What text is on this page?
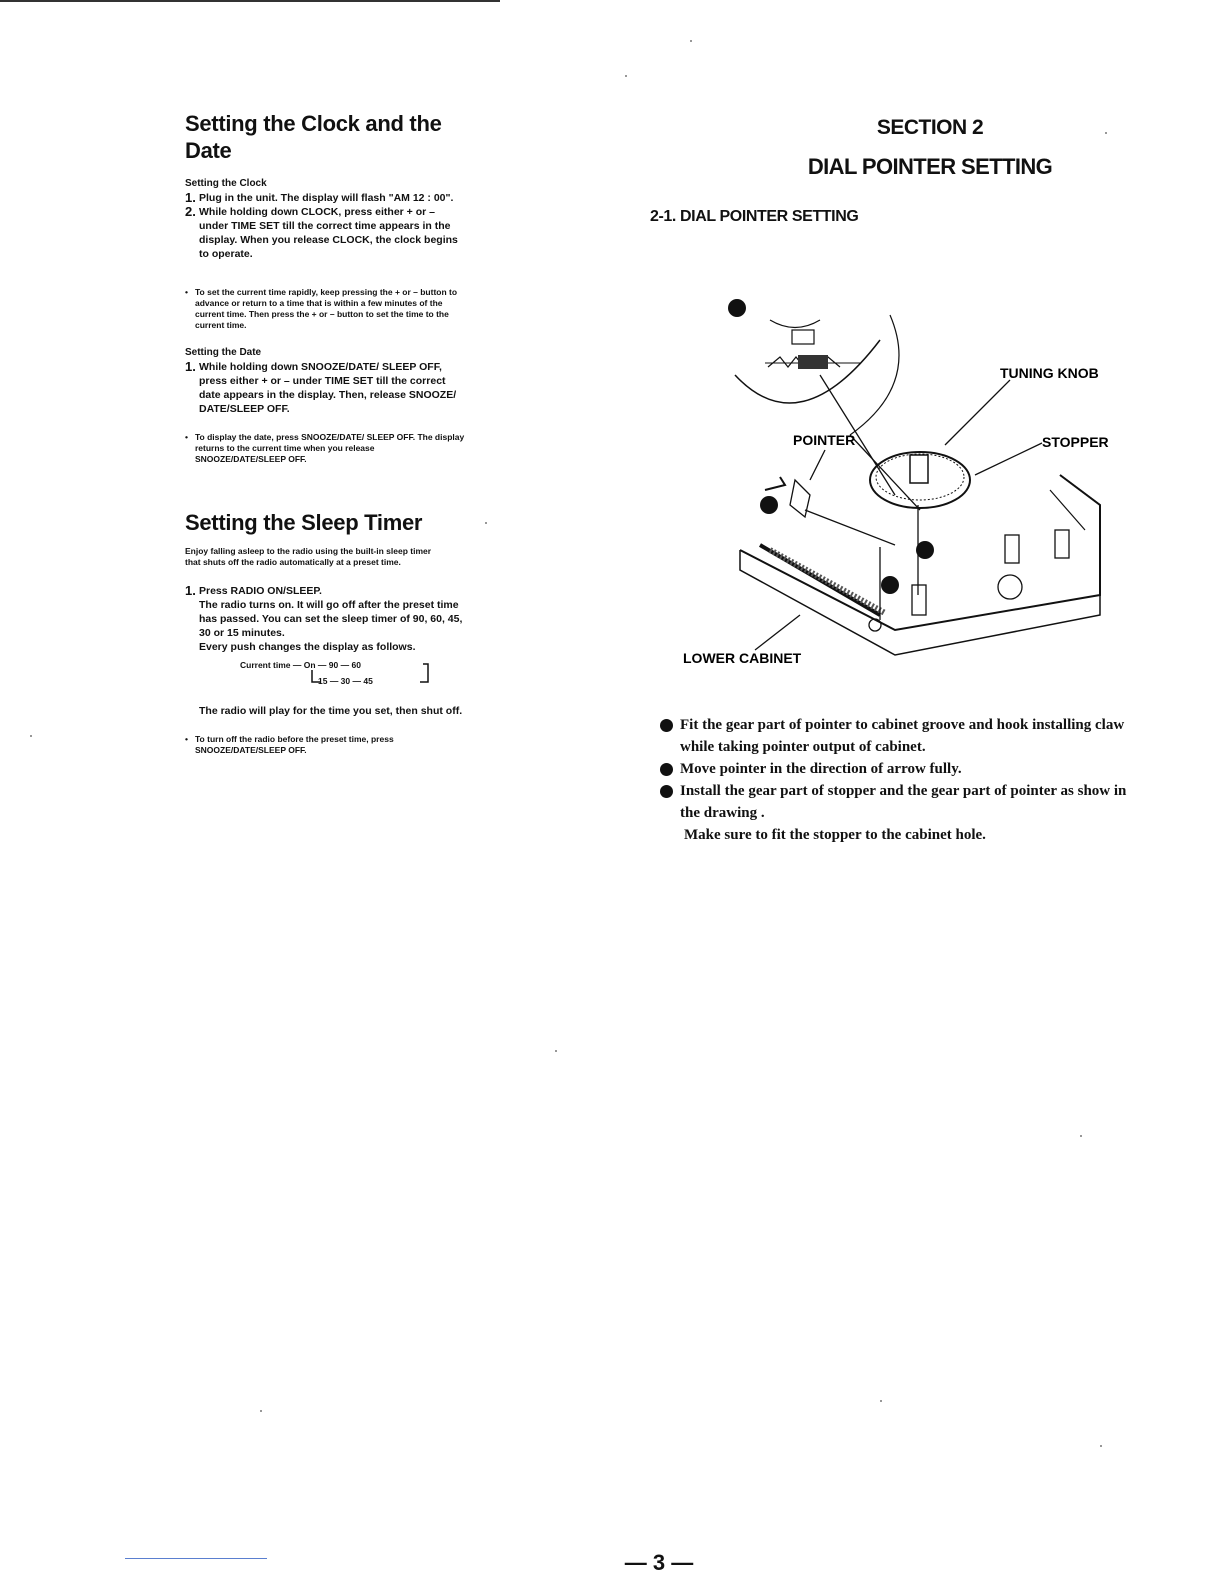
Setting the Clock and the Date
Setting the Clock
1. Plug in the unit. The display will flash "AM 12 : 00".
2. While holding down CLOCK, press either + or – under TIME SET till the correct time appears in the display. When you release CLOCK, the clock begins to operate.
• To set the current time rapidly, keep pressing the + or – button to advance or return to a time that is within a few minutes of the current time. Then press the + or – button to set the time to the current time.
Setting the Date
1. While holding down SNOOZE/DATE/ SLEEP OFF, press either + or – under TIME SET till the correct date appears in the display. Then, release SNOOZE/ DATE/SLEEP OFF.
• To display the date, press SNOOZE/DATE/ SLEEP OFF. The display returns to the current time when you release SNOOZE/DATE/SLEEP OFF.
Setting the Sleep Timer
Enjoy falling asleep to the radio using the built-in sleep timer that shuts off the radio automatically at a preset time.
1. Press RADIO ON/SLEEP.
The radio turns on. It will go off after the preset time has passed. You can set the sleep timer of 90, 60, 45, 30 or 15 minutes.
Every push changes the display as follows.
Current time — On — 90 — 60
15 — 30 — 45
The radio will play for the time you set, then shut off.
• To turn off the radio before the preset time, press SNOOZE/DATE/SLEEP OFF.
SECTION 2
DIAL POINTER SETTING
2-1. DIAL POINTER SETTING
TUNING KNOB
STOPPER
POINTER
LOWER CABINET
Fit the gear part of pointer to cabinet groove and hook installing claw while taking pointer output of cabinet.
Move pointer in the direction of arrow fully.
Install the gear part of stopper and the gear part of pointer as show in the drawing .
Make sure to fit the stopper to the cabinet hole.
— 3 —
